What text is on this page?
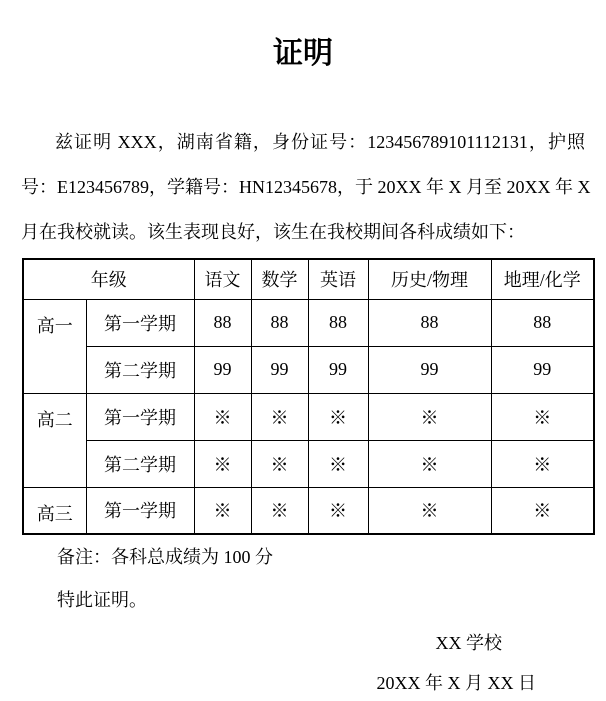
证明
兹证明 XXX，湖南省籍，身份证号：123456789101112131，护照
号：E123456789，学籍号：HN12345678，于 20XX 年 X 月至 20XX 年 X
月在我校就读。该生表现良好，该生在我校期间各科成绩如下：
年级		语文	数学	英语	历史/物理	地理/化学
高一	第一学期	88	88	88	88	88
	第二学期	99	99	99	99	99
高二	第一学期	※	※	※	※	※
	第二学期	※	※	※	※	※
高三	第一学期	※	※	※	※	※
备注：各科总成绩为 100 分
特此证明。
XX 学校
20XX 年 X 月 XX 日
